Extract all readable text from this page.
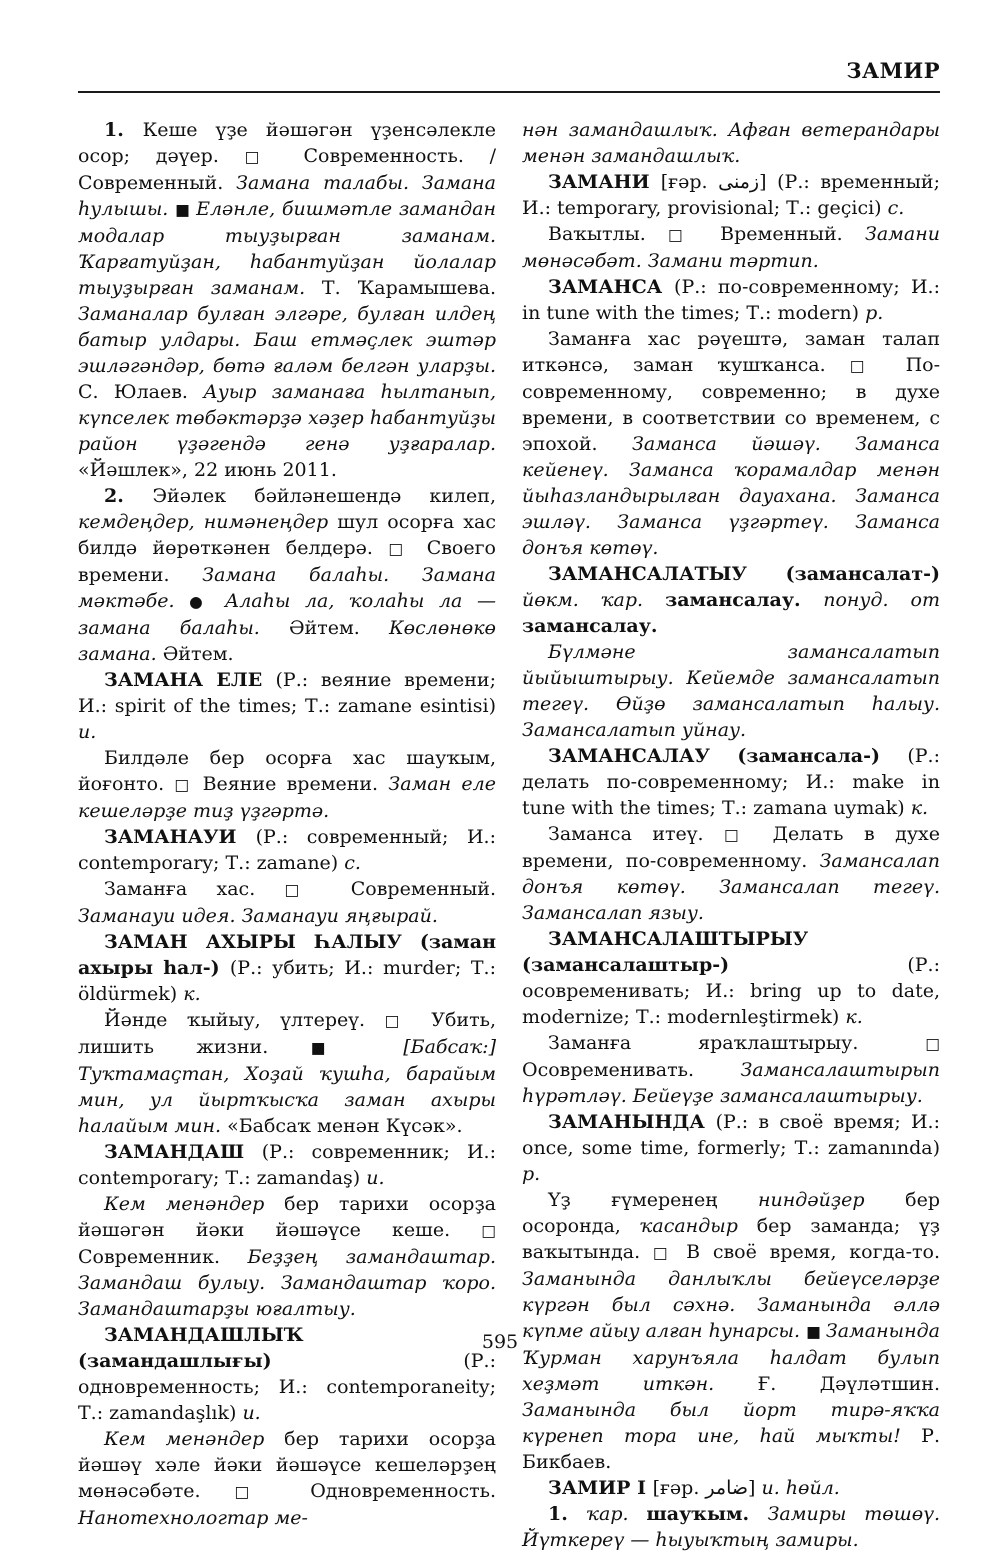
ЗАМИР

1. Кеше үҙе йәшәгән үҙенсәлекле осор; дәүер. □ Современность. / Современный. Замана талабы. Замана һулышы. ■ Еләнле, бишмәтле замандан модалар тыуҙырған заманам. Ҡарғатуйҙан, һабантуйҙан йолалар тыуҙырған заманам. Т. Ҡарамышева. Заманалар булған элгәре, булған илдең батыр улдары. Баш етмәҫлек эштәр эшләгәндәр, бөтә ғаләм белгән уларҙы. С. Юлаев. Ауыр заманаға һылтанып, күпселек төбәктәрҙә хәҙер һабантуйҙы район үҙәгендә генә уҙғаралар. «Йәшлек», 22 июнь 2011.

2. Эйәлек бәйләнешендә килеп, кемдеңдер, нимәнеңдер шул осорға хас билдә йөрөткәнен белдерә. □ Своего времени. Замана балаһы. Замана мәктәбе. ● Алаһы ла, ҡолаһы ла — замана балаһы. Әйтем. Көслөнөкө замана. Әйтем.

ЗАМАНА ЕЛЕ (Р.: веяние времени; И.: spirit of the times; Т.: zamane esintisi) и.

Билдәле бер осорға хас шауҡым, йоғонто. □ Веяние времени. Заман еле кешеләрҙе тиҙ үҙгәртә.

ЗАМАНАУИ (Р.: современный; И.: contemporary; Т.: zamane) с.

Заманға хас. □ Современный. Заманауи идея. Заманауи яңғырай.

ЗАМАН АХЫРЫ ҺАЛЫУ (заман ахыры һал-) (Р.: убить; И.: murder; Т.: öldürmek) к.

Йәнде ҡыйыу, үлтереү. □ Убить, лишить жизни. ■ [Бабсаҡ:] Туҡтамаҫтан, Хоҙай ҡушһа, барайым мин, ул йыртҡысҡа заман ахыры һалайым мин. «Бабсаҡ менән Күсәк».

ЗАМАНДАШ (Р.: современник; И.: contemporary; Т.: zamandaş) и.

Кем менәндер бер тарихи осорҙа йәшәгән йәки йәшәүсе кеше. □ Современник. Беҙҙең замандаштар. Замандаш булыу. Замандаштар ҡоро. Замандаштарҙы юғалтыу.

ЗАМАНДАШЛЫҠ (замандашлығы) (Р.: одновременность; И.: contemporaneity; Т.: zamandaşlık) и.

Кем менәндер бер тарихи осорҙа йәшәү хәле йәки йәшәүсе кешеләрҙең мөнәсәбәте. □ Одновременность. Нанотехнологтар ме-

нән замандашлыҡ. Афған ветерандары менән замандашлыҡ.

ЗАМАНИ [ғәр. زمنى] (Р.: временный; И.: temporary, provisional; Т.: geçici) с.

Ваҡытлы. □ Временный. Замани мөнәсәбәт. Замани тәртип.

ЗАМАНСА (Р.: по-современному; И.: in tune with the times; Т.: modern) р.

Заманға хас рәүештә, заман талап иткәнсә, заман ҡушҡанса. □ По-современному, современно; в духе времени, в соответствии со временем, с эпохой. Заманса йәшәү. Заманса кейенеү. Заманса ҡорамалдар менән йыһазландырылған дауахана. Заманса эшләү. Заманса үҙгәртеү. Заманса донъя көтөү.

ЗАМАНСАЛАТЫУ (замансалат-) йөкм. ҡар. замансалау. понуд. от замансалау.

Бүлмәне замансалатып йыйыштырыу. Кейемде замансалатып тегеү. Өйҙө замансалатып һалыу. Замансалатып уйнау.

ЗАМАНСАЛАУ (замансала-) (Р.: делать по-современному; И.: make in tune with the times; Т.: zamana uymak) к.

Заманса итеү. □ Делать в духе времени, по-современному. Замансалап донъя көтөү. Замансалап тегеү. Замансалап языу.

ЗАМАНСАЛАШТЫРЫУ (замансалаштыр-) (Р.: осовременивать; И.: bring up to date, modernize; Т.: modernleştirmek) к.

Заманға яраҡлаштырыу. □ Осовременивать. Замансалаштырып һүрәтләү. Бейеүҙе замансалаштырыу.

ЗАМАНЫНДА (Р.: в своё время; И.: once, some time, formerly; Т.: zamanında) р.

Үҙ ғүмеренең ниндәйҙер бер осоронда, ҡасандыр бер заманда; үҙ ваҡытында. □ В своё время, когда-то. Заманында данлыҡлы бейеүселәрҙе күргән был сәхнә. Заманында әллә күпме айыу алған һунарсы. ■ Заманында Ҡурман харунъяла һалдат булып хеҙмәт иткән. Ғ. Дәүләтшин. Заманында был йорт тирә-яҡҡа күренеп тора ине, һай мыҡты! Р. Бикбаев.

ЗАМИР I [ғәр. ضامر] и. һөйл.

1. ҡар. шауҡым. Замиры төшөү. Йүткереү — һыуыҡтың замиры.

595
